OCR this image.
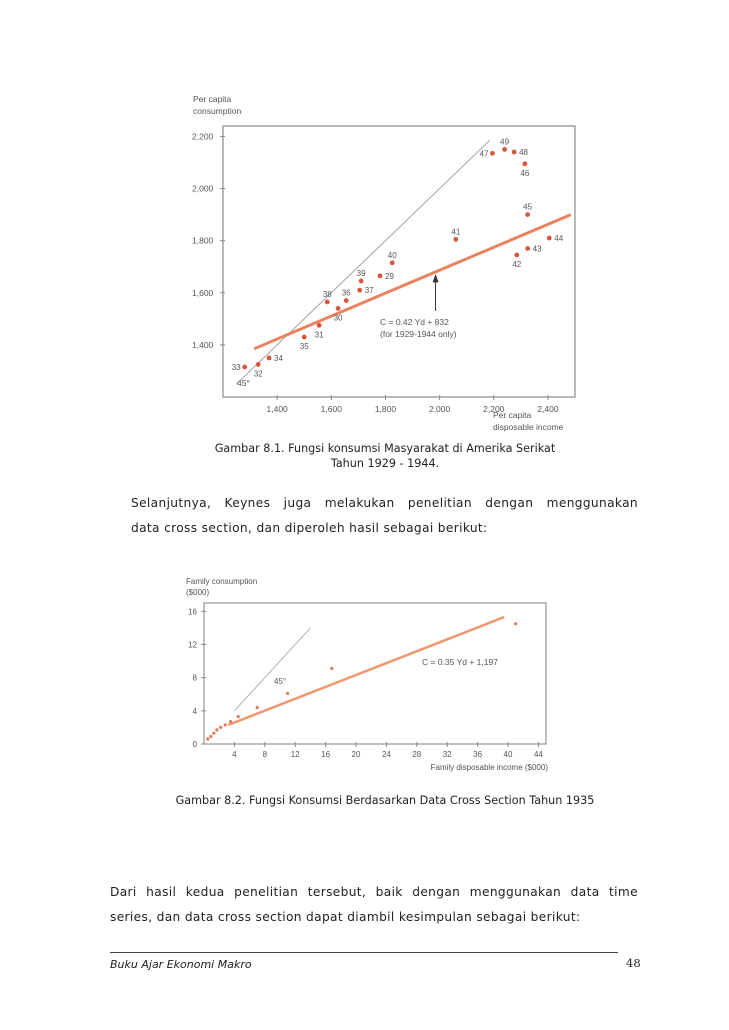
1,400
1,600
1,800
2,000
2,200
1,400	1,600	1,800	2,000	2,200	2,400
Per capita
consumption
Per capita
disposable income
45°
33
32
34
35
31
38
30
36
39
37
40
29
41
47
49
48
46
45
44
43
42
C = 0.42 Yd + 832
(for 1929-1944 only)
Gambar 8.1. Fungsi konsumsi Masyarakat di Amerika Serikat
Tahun 1929 - 1944.
Selanjutnya, Keynes juga melakukan penelitian dengan menggunakan
data cross section, dan diperoleh hasil sebagai berikut:
0
4
8
12
16
4	8	12	16	20	24	28	32	36	40	44
Family consumption
($000)
Family disposable income ($000)
45°
C = 0.35 Yd + 1,197
Gambar 8.2. Fungsi Konsumsi Berdasarkan Data Cross Section Tahun 1935
Dari hasil kedua penelitian tersebut, baik dengan menggunakan data time
series, dan data cross section dapat diambil kesimpulan sebagai berikut:
Buku Ajar Ekonomi Makro	48
